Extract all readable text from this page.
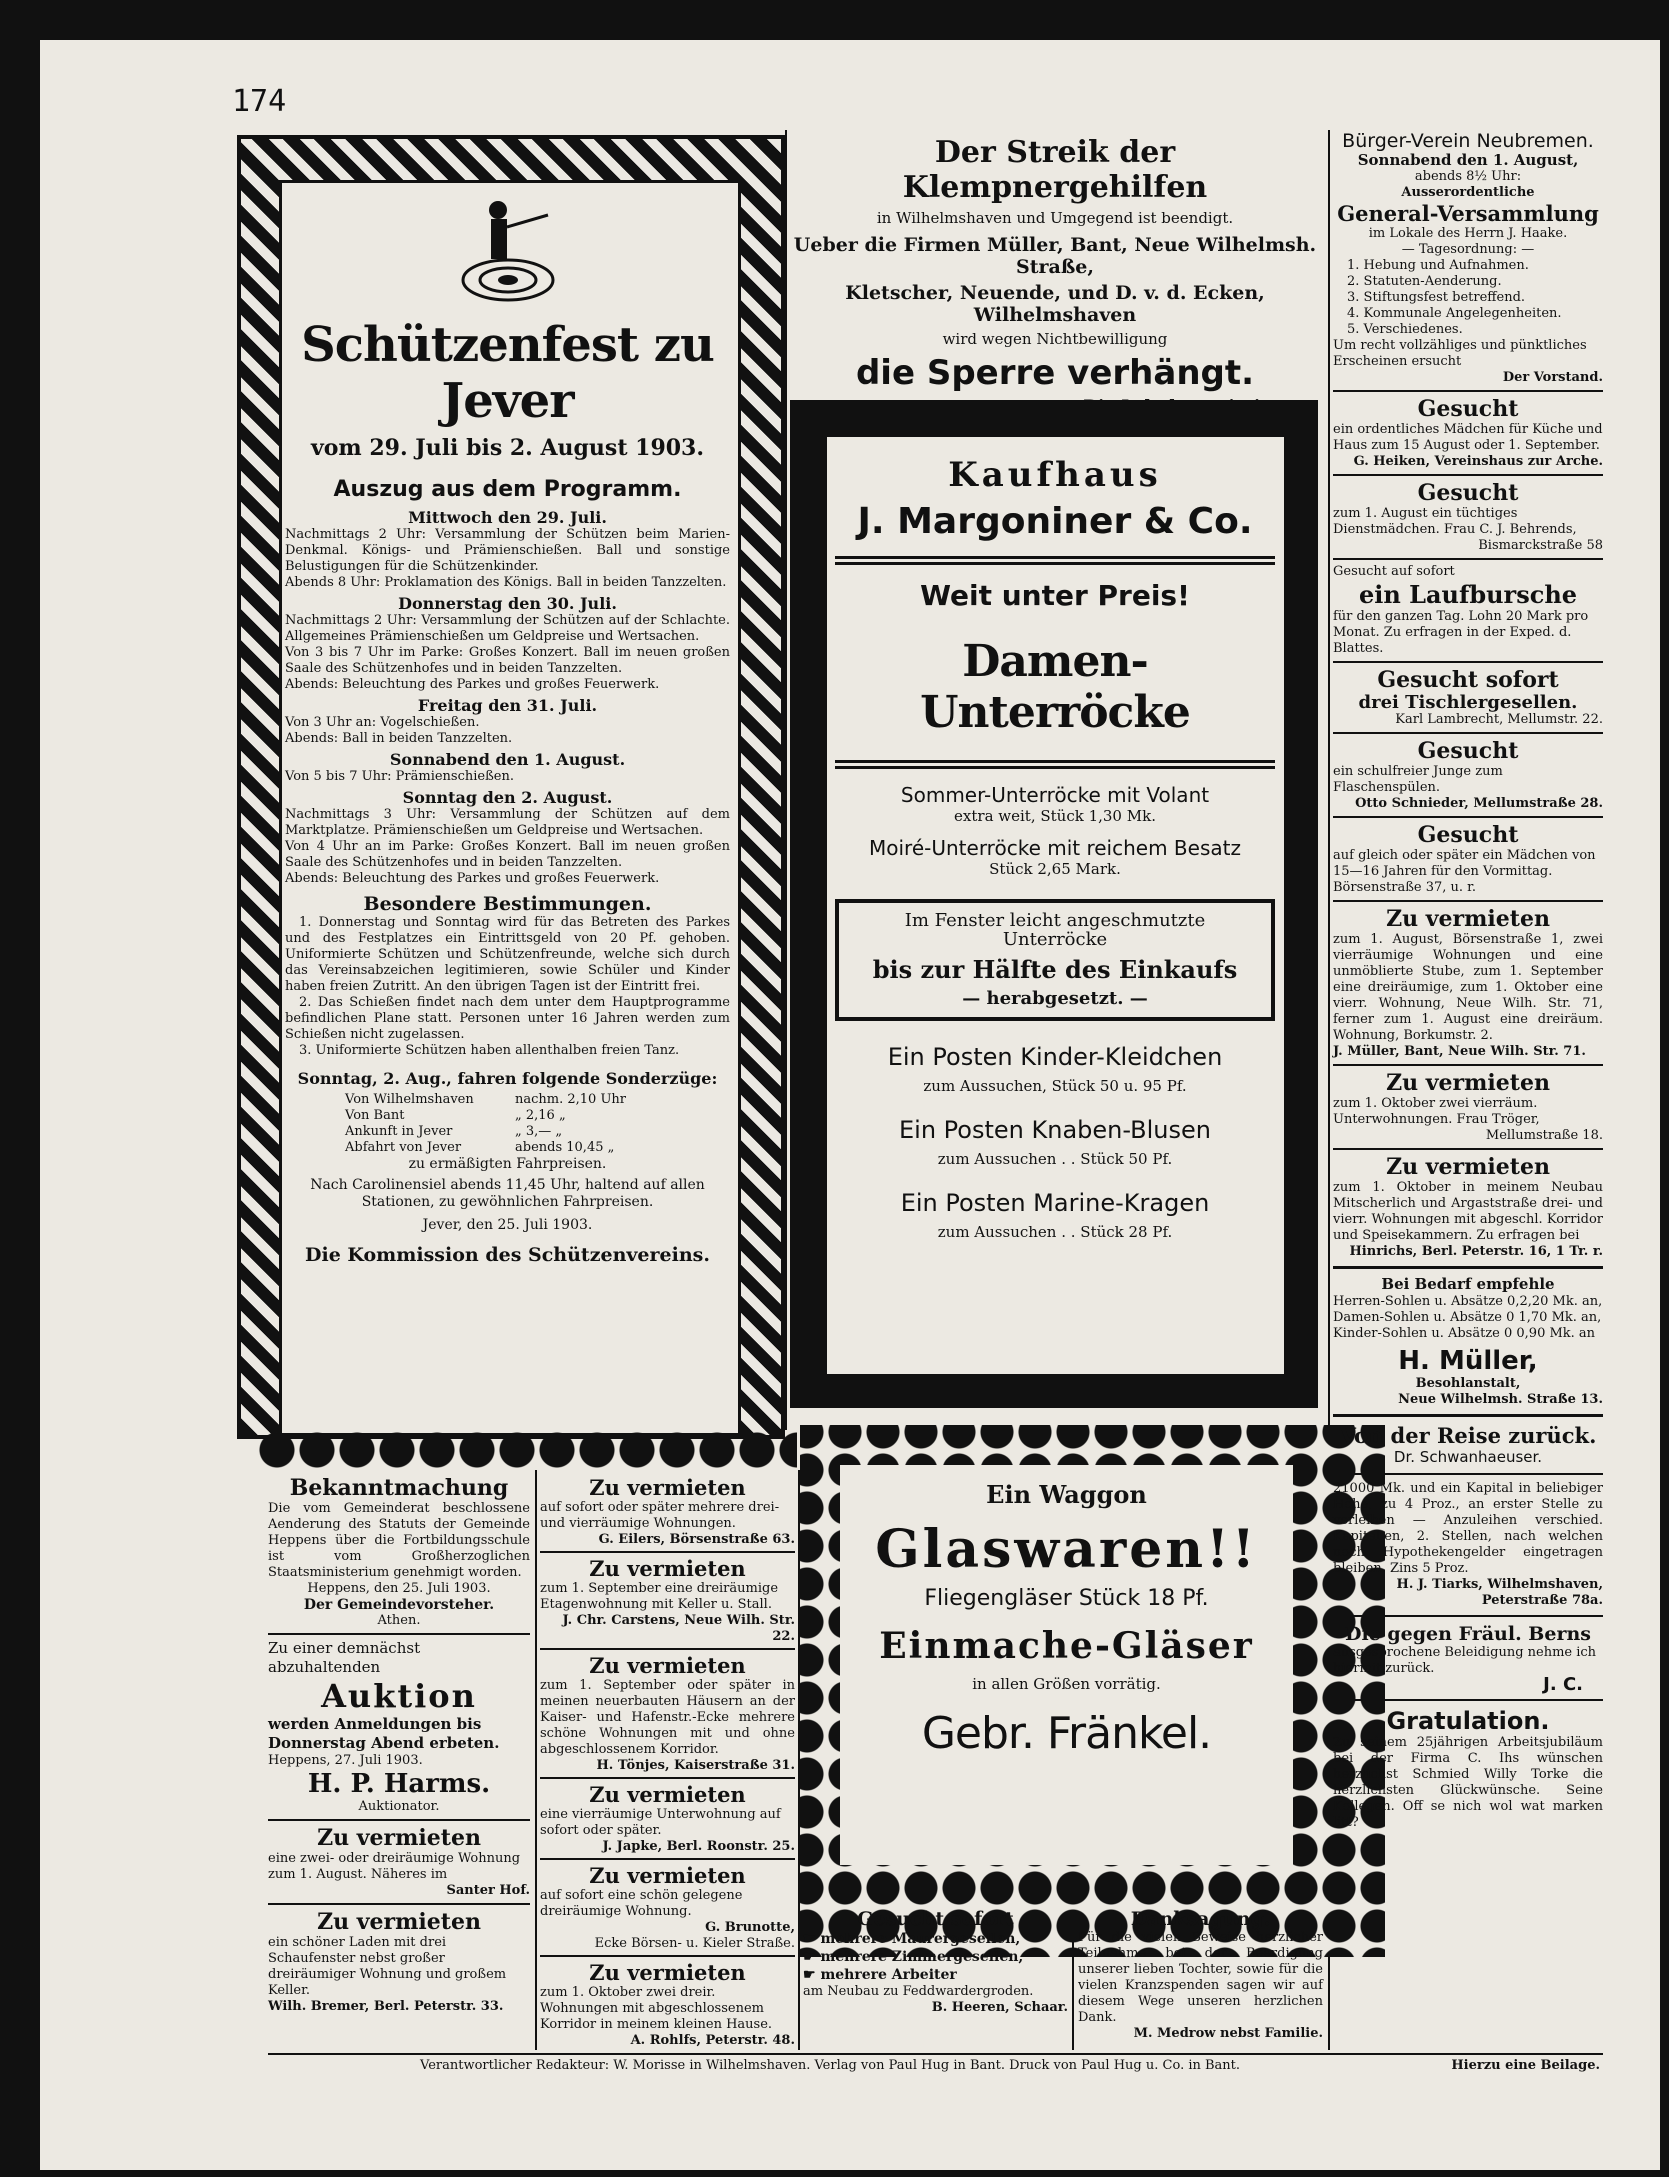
174
Schützenfest zu Jever
vom 29. Juli bis 2. August 1903.
Auszug aus dem Programm.
Mittwoch den 29. Juli.
Nachmittags 2 Uhr: Versammlung der Schützen beim Marien-Denkmal. Königs- und Prämienschießen. Ball und sonstige Belustigungen für die Schützenkinder.
Abends 8 Uhr: Proklamation des Königs. Ball in beiden Tanzzelten.
Donnerstag den 30. Juli.
Nachmittags 2 Uhr: Versammlung der Schützen auf der Schlachte. Allgemeines Prämienschießen um Geldpreise und Wertsachen.
Von 3 bis 7 Uhr im Parke: Großes Konzert. Ball im neuen großen Saale des Schützenhofes und in beiden Tanzzelten.
Abends: Beleuchtung des Parkes und großes Feuerwerk.
Freitag den 31. Juli.
Von 3 Uhr an: Vogelschießen.
Abends: Ball in beiden Tanzzelten.
Sonnabend den 1. August.
Von 5 bis 7 Uhr: Prämienschießen.
Sonntag den 2. August.
Nachmittags 3 Uhr: Versammlung der Schützen auf dem Marktplatze. Prämienschießen um Geldpreise und Wertsachen.
Von 4 Uhr an im Parke: Großes Konzert. Ball im neuen großen Saale des Schützenhofes und in beiden Tanzzelten.
Abends: Beleuchtung des Parkes und großes Feuerwerk.
Besondere Bestimmungen.
1. Donnerstag und Sonntag wird für das Betreten des Parkes und des Festplatzes ein Eintrittsgeld von 20 Pf. gehoben. Uniformierte Schützen und Schützenfreunde, welche sich durch das Vereinsabzeichen legitimieren, sowie Schüler und Kinder haben freien Zutritt. An den übrigen Tagen ist der Eintritt frei.
2. Das Schießen findet nach dem unter dem Hauptprogramme befindlichen Plane statt. Personen unter 16 Jahren werden zum Schießen nicht zugelassen.
3. Uniformierte Schützen haben allenthalben freien Tanz.
Sonntag, 2. Aug., fahren folgende Sonderzüge:
Von Wilhelmshaven	nachm. 2,10 Uhr
Von Bant	„ 2,16 „
Ankunft in Jever	„ 3,— „
Abfahrt von Jever	abends 10,45 „
zu ermäßigten Fahrpreisen.
Nach Carolinensiel abends 11,45 Uhr, haltend auf allen Stationen, zu gewöhnlichen Fahrpreisen.
Jever, den 25. Juli 1903.
Die Kommission des Schützenvereins.
Der Streik der Klempnergehilfen
in Wilhelmshaven und Umgegend ist beendigt.
Ueber die Firmen Müller, Bant, Neue Wilhelmsh. Straße,
Kletscher, Neuende, und D. v. d. Ecken, Wilhelmshaven
wird wegen Nichtbewilligung
die Sperre verhängt.
Kaufhaus
J. Margoniner & Co.
Weit unter Preis!
Damen-Unterröcke
Sommer-Unterröcke mit Volant
extra weit, Stück 1,30 Mk.
Moiré-Unterröcke mit reichem Besatz
Stück 2,65 Mark.
Im Fenster leicht angeschmutzte
Unterröcke
bis zur Hälfte des Einkaufs
— herabgesetzt. —
Ein Posten Kinder-Kleidchen
zum Aussuchen, Stück 50 u. 95 Pf.
Ein Posten Knaben-Blusen
zum Aussuchen . . Stück 50 Pf.
Ein Posten Marine-Kragen
zum Aussuchen . . Stück 28 Pf.
Ein Waggon
Glaswaren!!
Fliegengläser Stück 18 Pf.
Einmache-Gläser
in allen Größen vorrätig.
Gebr. Fränkel.
Bürger-Verein Neubremen.
Sonnabend den 1. August,
abends 8½ Uhr:
Ausserordentliche
General-Versammlung
im Lokale des Herrn J. Haake.
— Tagesordnung: —
1. Hebung und Aufnahmen.
2. Statuten-Aenderung.
3. Stiftungsfest betreffend.
4. Kommunale Angelegenheiten.
5. Verschiedenes.
Um recht vollzähliges und pünktliches Erscheinen ersucht
Der Vorstand.
Gesucht
ein ordentliches Mädchen für Küche und Haus zum 15 August oder 1. September.
G. Heiken, Vereinshaus zur Arche.
Gesucht
zum 1. August ein tüchtiges Dienstmädchen. Frau C. J. Behrends,
Bismarckstraße 58
Gesucht auf sofort
ein Laufbursche
für den ganzen Tag. Lohn 20 Mark pro Monat. Zu erfragen in der Exped. d. Blattes.
Gesucht sofort
drei Tischlergesellen.
Karl Lambrecht, Mellumstr. 22.
Gesucht
ein schulfreier Junge zum Flaschenspülen.
Otto Schnieder, Mellumstraße 28.
Gesucht
auf gleich oder später ein Mädchen von 15—16 Jahren für den Vormittag. Börsenstraße 37, u. r.
Zu vermieten
zum 1. August, Börsenstraße 1, zwei vierräumige Wohnungen und eine unmöblierte Stube, zum 1. September eine dreiräumige, zum 1. Oktober eine vierr. Wohnung, Neue Wilh. Str. 71, ferner zum 1. August eine dreiräum. Wohnung, Borkumstr. 2.
J. Müller, Bant, Neue Wilh. Str. 71.
Zu vermieten
zum 1. Oktober zwei vierräum. Unterwohnungen. Frau Tröger,
Mellumstraße 18.
Zu vermieten
zum 1. Oktober in meinem Neubau Mitscherlich und Argaststraße drei- und vierr. Wohnungen mit abgeschl. Korridor und Speisekammern. Zu erfragen bei
Hinrichs, Berl. Peterstr. 16, 1 Tr. r.
Bei Bedarf empfehle
Herren-Sohlen u. Absätze 0,2,20 Mk. an,
Damen-Sohlen u. Absätze 0 1,70 Mk. an,
Kinder-Sohlen u. Absätze 0 0,90 Mk. an
H. Müller,
Besohlanstalt,
Neue Wilhelmsh. Straße 13.
Von der Reise zurück.
Dr. Schwanhaeuser.
21000 Mk. und ein Kapital in beliebiger Höhe, zu 4 Proz., an erster Stelle zu verleihen — Anzuleihen verschied. Kapitalien, 2. Stellen, nach welchen noch Hypothekengelder eingetragen bleiben. Zins 5 Proz.
H. J. Tiarks, Wilhelmshaven, Peterstraße 78a.
Die gegen Fräul. Berns
ausgesprochene Beleidigung nehme ich hiermit zurück.
J. C.
Gratulation.
Zu seinem 25jährigen Arbeitsjubiläum bei der Firma C. Ihs wünschen herzlichst Schmied Willy Torke die herzlichsten Glückwünsche. Seine Kollegen. Off se nich wol wat marken litt?
Bekanntmachung
Die vom Gemeinderat beschlossene Aenderung des Statuts der Gemeinde Heppens über die Fortbildungsschule ist vom Großherzoglichen Staatsministerium genehmigt worden.
Heppens, den 25. Juli 1903.
Der Gemeindevorsteher.
Athen.
Zu einer demnächst abzuhaltenden
Auktion
werden Anmeldungen bis Donnerstag Abend erbeten.
Heppens, 27. Juli 1903.
H. P. Harms.
Auktionator.
Zu vermieten
eine zwei- oder dreiräumige Wohnung zum 1. August. Näheres im
Santer Hof.
Zu vermieten
ein schöner Laden mit drei Schaufenster nebst großer dreiräumiger Wohnung und großem Keller.
Wilh. Bremer, Berl. Peterstr. 33.
Zu vermieten
auf sofort oder später mehrere drei- und vierräumige Wohnungen.
G. Eilers, Börsenstraße 63.
Zu vermieten
zum 1. September eine dreiräumige Etagenwohnung mit Keller u. Stall.
J. Chr. Carstens, Neue Wilh. Str. 22.
Zu vermieten
zum 1. September oder später in meinen neuerbauten Häusern an der Kaiser- und Hafenstr.-Ecke mehrere schöne Wohnungen mit und ohne abgeschlossenem Korridor.
H. Tönjes, Kaiserstraße 31.
Zu vermieten
eine vierräumige Unterwohnung auf sofort oder später.
J. Japke, Berl. Roonstr. 25.
Zu vermieten
auf sofort eine schön gelegene dreiräumige Wohnung.
G. Brunotte,
Ecke Börsen- u. Kieler Straße.
Zu vermieten
zum 1. Oktober zwei dreir. Wohnungen mit abgeschlossenem Korridor in meinem kleinen Hause.
A. Rohlfs, Peterstr. 48.
Gesucht sofort
☛ mehrere Maurergesellen,
☛ mehrere Zimmergesellen,
☛ mehrere Arbeiter
am Neubau zu Feddwardergroden.
B. Heeren, Schaar.
Danksagung.
Für die vielen Beweise herzlicher Teilnahme bei der Beerdigung unserer lieben Tochter, sowie für die vielen Kranzspenden sagen wir auf diesem Wege unseren herzlichen Dank.
M. Medrow nebst Familie.
Verantwortlicher Redakteur: W. Morisse in Wilhelmshaven. Verlag von Paul Hug in Bant. Druck von Paul Hug u. Co. in Bant.	Hierzu eine Beilage.
